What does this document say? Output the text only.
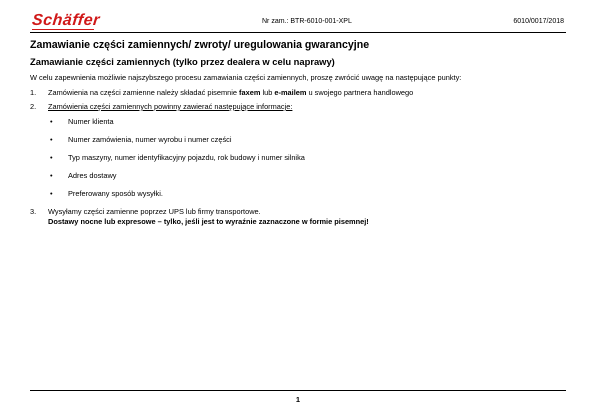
Schäffer	Nr zam.: BTR-6010-001-XPL	6010/0017/2018
Zamawianie części zamiennych/ zwroty/ uregulowania gwarancyjne
Zamawianie części zamiennych (tylko przez dealera w celu naprawy)

W celu zapewnienia możliwie najszybszego procesu zamawiania części zamiennych, proszę zwrócić uwagę na następujące punkty:

1. Zamówienia na części zamienne należy składać pisemnie faxem lub e-mailem u swojego partnera handlowego
2. Zamówienia części zamiennych powinny zawierać następujące informacje:
• Numer klienta
• Numer zamówienia, numer wyrobu i numer części
• Typ maszyny, numer identyfikacyjny pojazdu, rok budowy i numer silnika
• Adres dostawy
• Preferowany sposób wysyłki.
3. Wysyłamy części zamienne poprzez UPS lub firmy transportowe.
Dostawy nocne lub expresowe – tylko, jeśli jest to wyraźnie zaznaczone w formie pisemnej!
1
